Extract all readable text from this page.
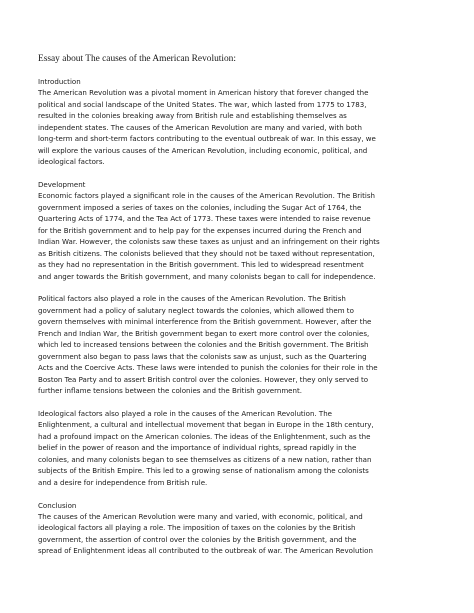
Essay about The causes of the American Revolution:
Introduction

The American Revolution was a pivotal moment in American history that forever changed the
political and social landscape of the United States. The war, which lasted from 1775 to 1783,
resulted in the colonies breaking away from British rule and establishing themselves as
independent states. The causes of the American Revolution are many and varied, with both
long-term and short-term factors contributing to the eventual outbreak of war. In this essay, we
will explore the various causes of the American Revolution, including economic, political, and
ideological factors.

Development

Economic factors played a significant role in the causes of the American Revolution. The British
government imposed a series of taxes on the colonies, including the Sugar Act of 1764, the
Quartering Acts of 1774, and the Tea Act of 1773. These taxes were intended to raise revenue
for the British government and to help pay for the expenses incurred during the French and
Indian War. However, the colonists saw these taxes as unjust and an infringement on their rights
as British citizens. The colonists believed that they should not be taxed without representation,
as they had no representation in the British government. This led to widespread resentment
and anger towards the British government, and many colonists began to call for independence.

Political factors also played a role in the causes of the American Revolution. The British
government had a policy of salutary neglect towards the colonies, which allowed them to
govern themselves with minimal interference from the British government. However, after the
French and Indian War, the British government began to exert more control over the colonies,
which led to increased tensions between the colonies and the British government. The British
government also began to pass laws that the colonists saw as unjust, such as the Quartering
Acts and the Coercive Acts. These laws were intended to punish the colonies for their role in the
Boston Tea Party and to assert British control over the colonies. However, they only served to
further inflame tensions between the colonies and the British government.

Ideological factors also played a role in the causes of the American Revolution. The
Enlightenment, a cultural and intellectual movement that began in Europe in the 18th century,
had a profound impact on the American colonies. The ideas of the Enlightenment, such as the
belief in the power of reason and the importance of individual rights, spread rapidly in the
colonies, and many colonists began to see themselves as citizens of a new nation, rather than
subjects of the British Empire. This led to a growing sense of nationalism among the colonists
and a desire for independence from British rule.

Conclusion

The causes of the American Revolution were many and varied, with economic, political, and
ideological factors all playing a role. The imposition of taxes on the colonies by the British
government, the assertion of control over the colonies by the British government, and the
spread of Enlightenment ideas all contributed to the outbreak of war. The American Revolution
